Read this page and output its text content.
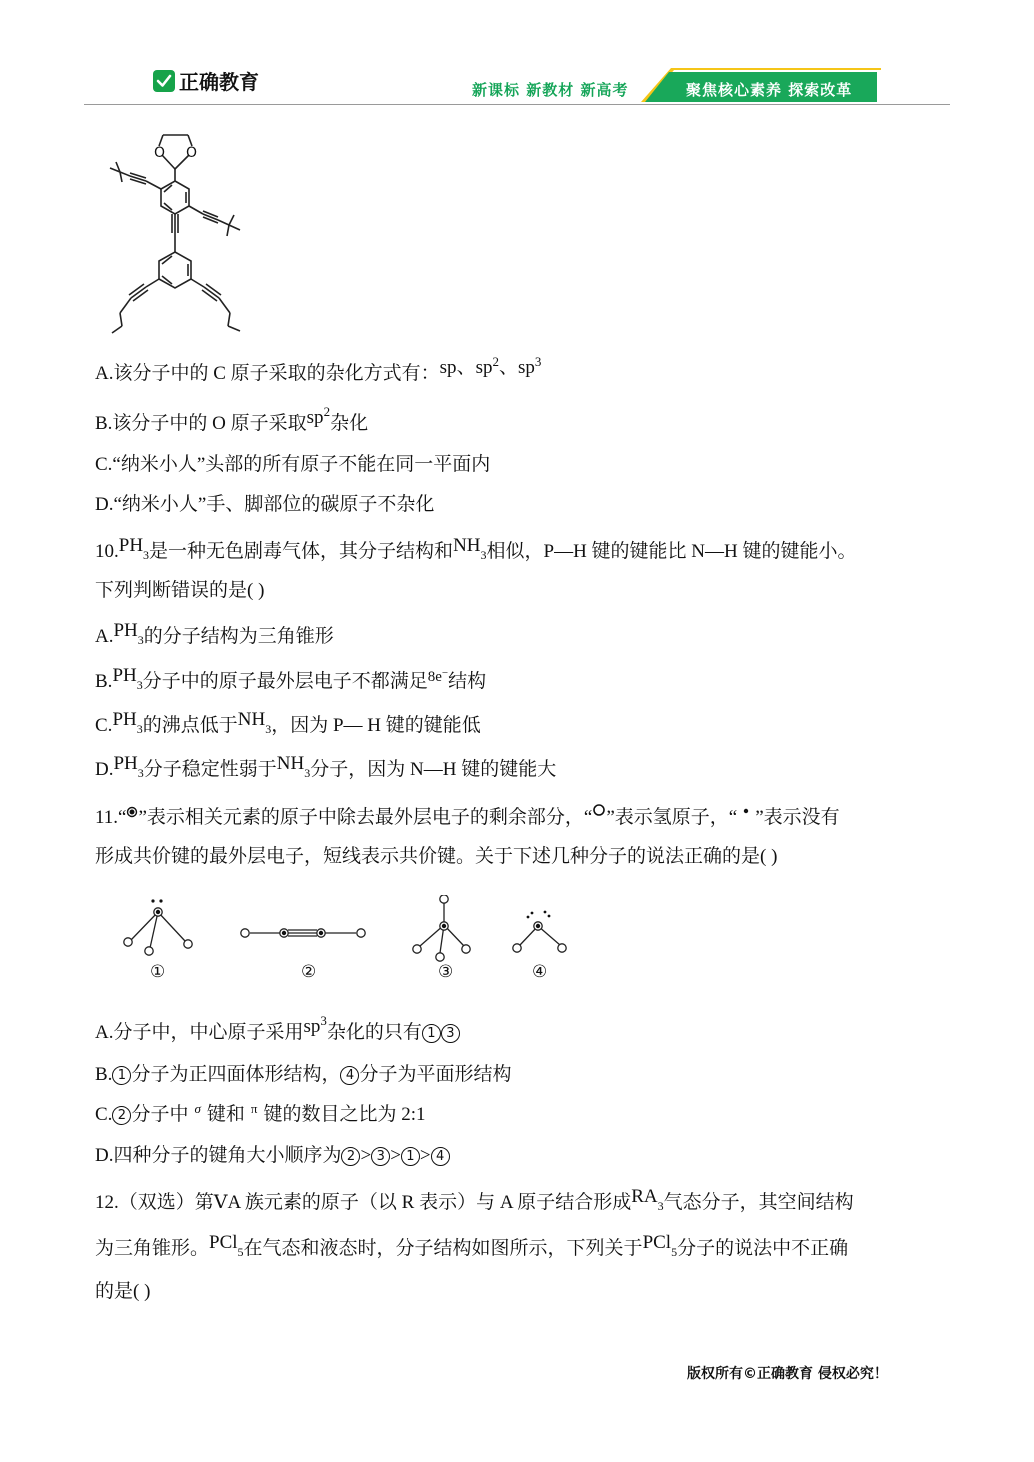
正确教育	新课标 新教材 新高考	聚焦核心素养 探索改革
O O
A.该分子中的 C 原子采取的杂化方式有：sp、$sp^2$、$sp^3$
B.该分子中的 O 原子采取$sp^2$杂化
C.“纳米小人”头部的所有原子不能在同一平面内
D.“纳米小人”手、脚部位的碳原子不杂化
10.PH3是一种无色剧毒气体，其分子结构和NH3相似，P—H 键的键能比 N—H 键的键能小。
下列判断错误的是( )
A.PH3的分子结构为三角锥形
B.PH3分子中的原子最外层电子不都满足$^{8e-}$结构
C.PH3的沸点低于NH3，因为 P— H 键的键能低
D.PH3分子稳定性弱于NH3分子，因为 N—H 键的键能大
11.“ ”表示相关元素的原子中除去最外层电子的剩余部分，“ ”表示氢原子，“ ”表示没有
形成共价键的最外层电子，短线表示共价键。关于下述几种分子的说法正确的是( )
①	②	③	④
A.分子中，中心原子采用$sp^3$杂化的只有 1 3
B. 1 分子为正四面体形结构， 4 分子为平面形结构
C. 2 分子中 $^\sigma$ 键和 $^\pi$ 键的数目之比为 2:1
D.四种分子的键角大小顺序为 2 > 3 > 1 > 4
12.（双选）第ⅤA 族元素的原子（以 R 表示）与 A 原子结合形成RA3气态分子，其空间结构
为三角锥形。PCl5在气态和液态时，分子结构如图所示，下列关于PCl5分子的说法中不正确
的是( )
版权所有©正确教育 侵权必究！
